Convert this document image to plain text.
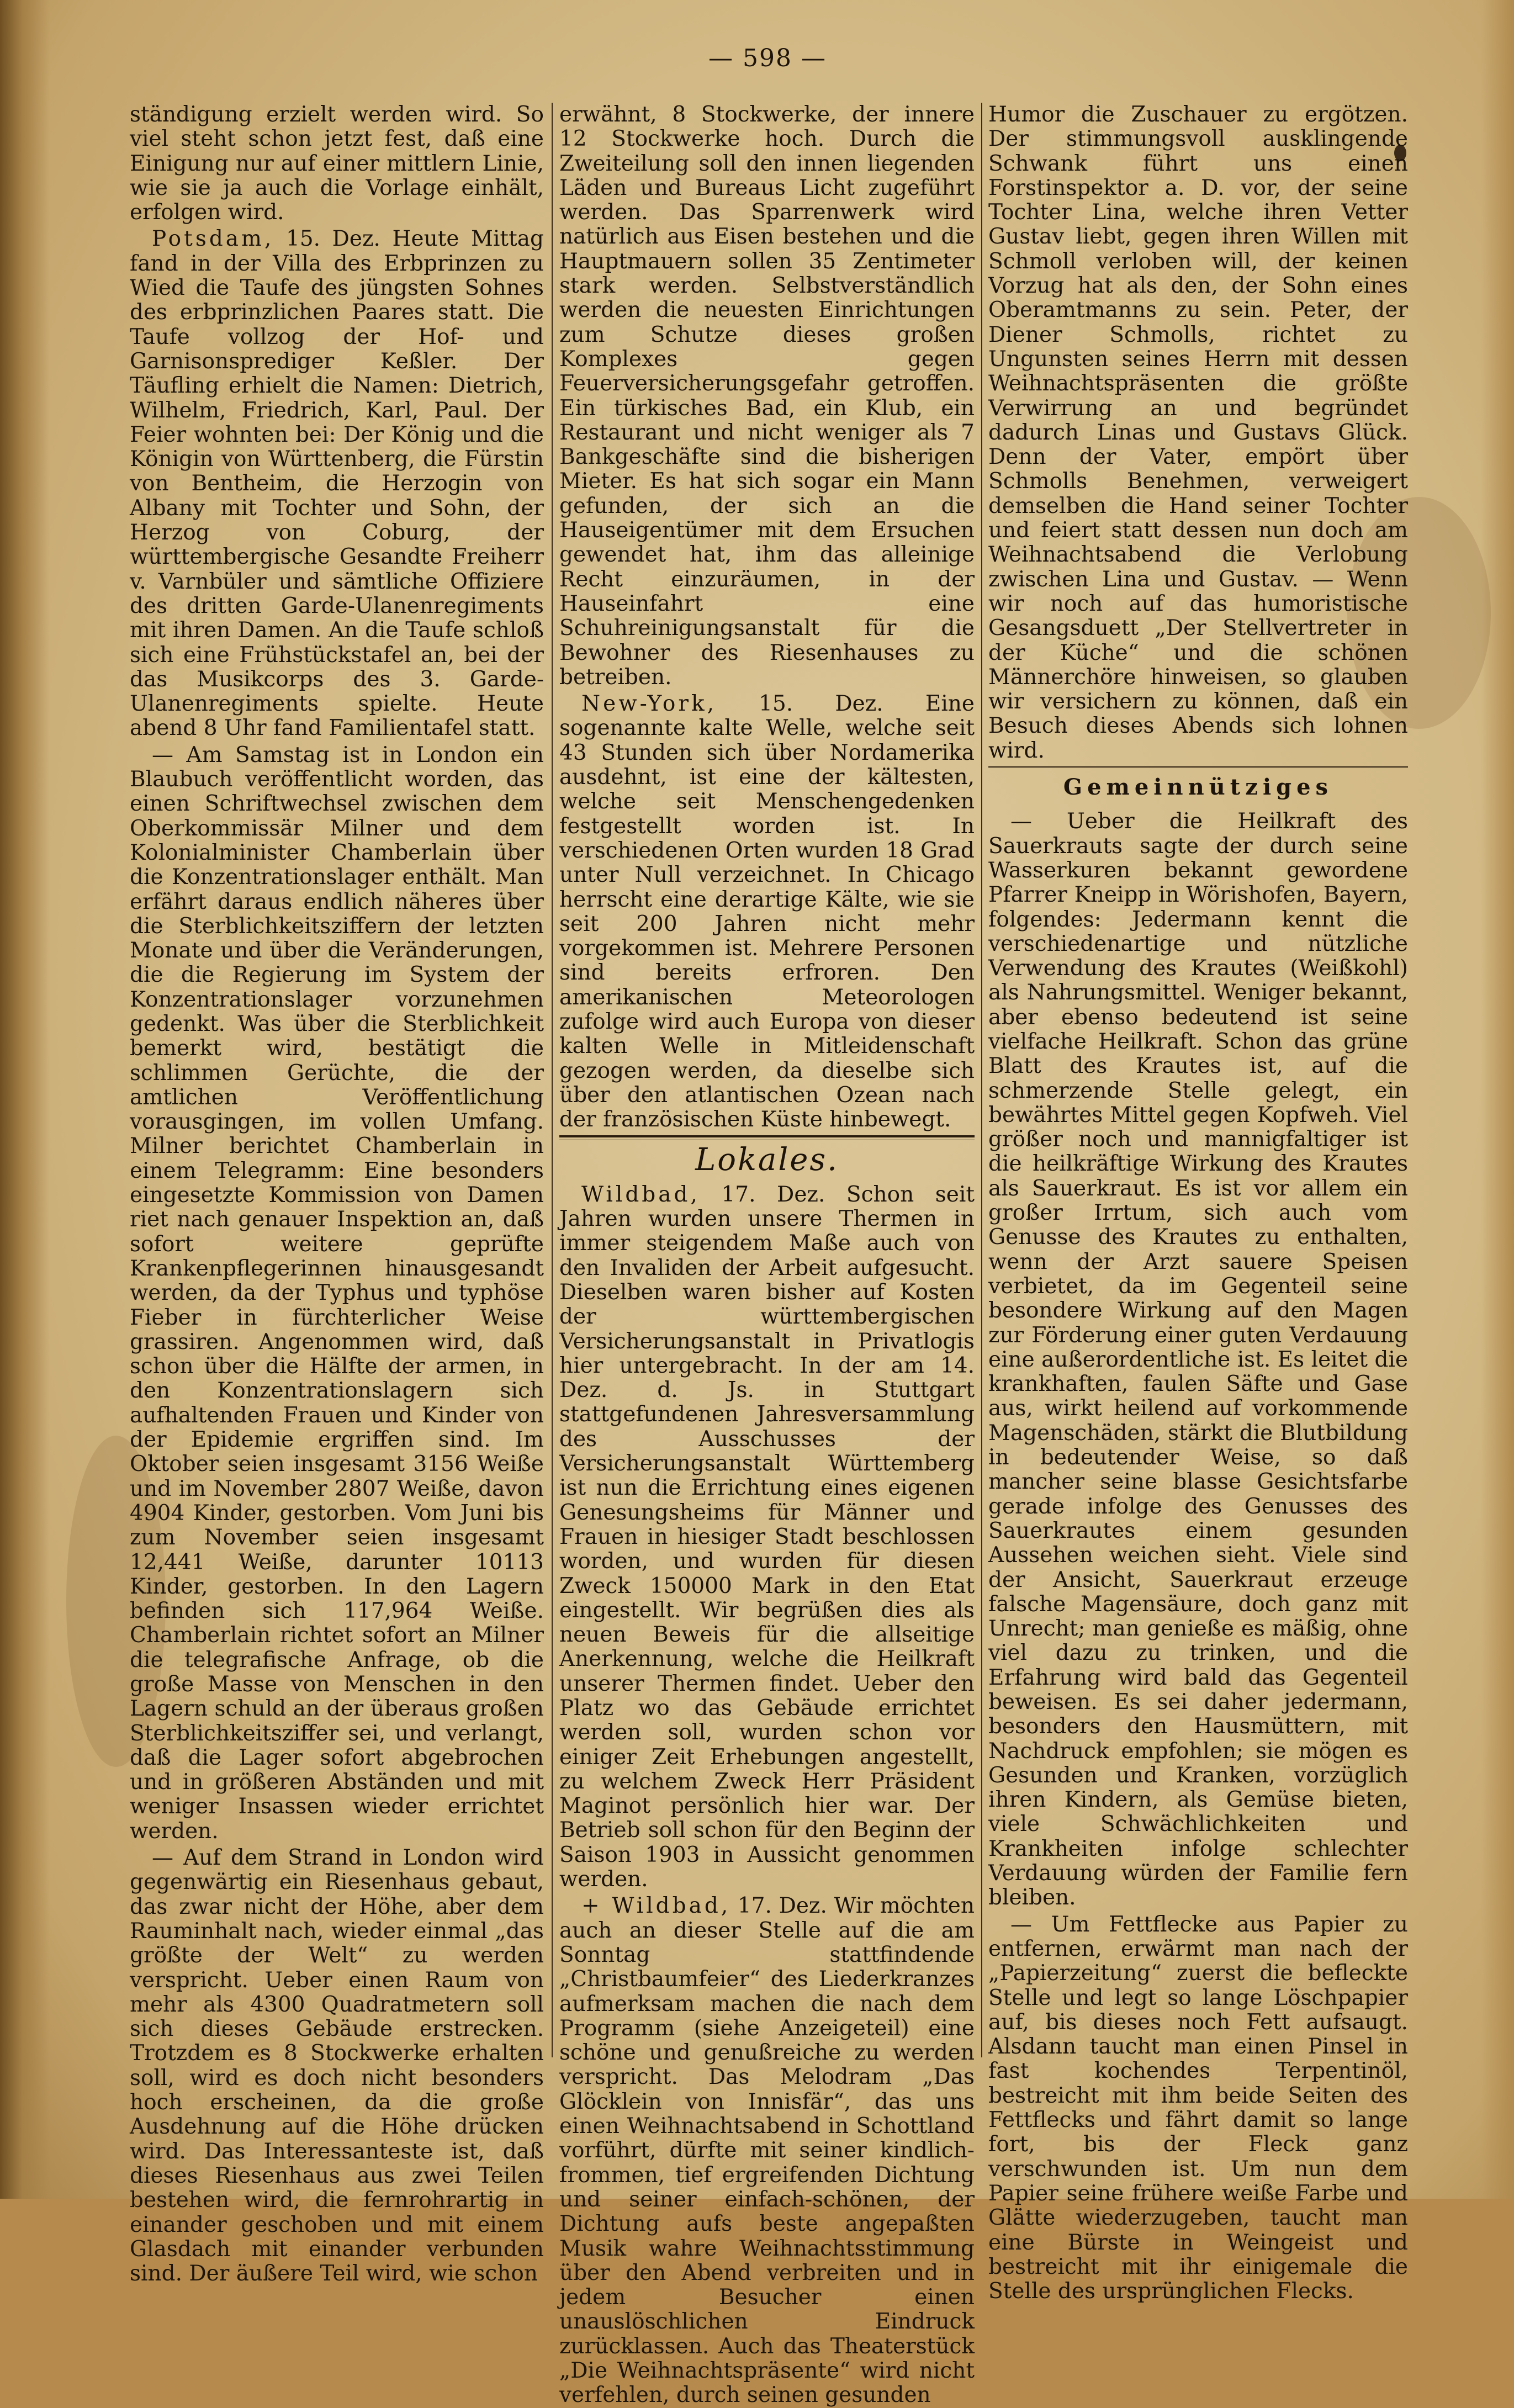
— 598 —

ständigung erzielt werden wird. So viel steht schon jetzt fest, daß eine Einigung nur auf einer mittlern Linie, wie sie ja auch die Vorlage einhält, erfolgen wird.

Potsdam, 15. Dez. Heute Mittag fand in der Villa des Erbprinzen zu Wied die Taufe des jüngsten Sohnes des erbprinzlichen Paares statt. Die Taufe vollzog der Hof- und Garnisonsprediger Keßler. Der Täufling erhielt die Namen: Dietrich, Wilhelm, Friedrich, Karl, Paul. Der Feier wohnten bei: Der König und die Königin von Württenberg, die Fürstin von Bentheim, die Herzogin von Albany mit Tochter und Sohn, der Herzog von Coburg, der württembergische Gesandte Freiherr v. Varnbüler und sämtliche Offiziere des dritten Garde-Ulanenregiments mit ihren Damen. An die Taufe schloß sich eine Frühstückstafel an, bei der das Musikcorps des 3. Garde-Ulanenregiments spielte. Heute abend 8 Uhr fand Familientafel statt.

— Am Samstag ist in London ein Blaubuch veröffentlicht worden, das einen Schriftwechsel zwischen dem Oberkommissär Milner und dem Kolonialminister Chamberlain über die Konzentrationslager enthält. Man erfährt daraus endlich näheres über die Sterblichkeitsziffern der letzten Monate und über die Veränderungen, die die Regierung im System der Konzentrationslager vorzunehmen gedenkt. Was über die Sterblichkeit bemerkt wird, bestätigt die schlimmen Gerüchte, die der amtlichen Veröffentlichung vorausgingen, im vollen Umfang. Milner berichtet Chamberlain in einem Telegramm: Eine besonders eingesetzte Kommission von Damen riet nach genauer Inspektion an, daß sofort weitere geprüfte Krankenpflegerinnen hinausgesandt werden, da der Typhus und typhöse Fieber in fürchterlicher Weise grassiren. Angenommen wird, daß schon über die Hälfte der armen, in den Konzentrationslagern sich aufhaltenden Frauen und Kinder von der Epidemie ergriffen sind. Im Oktober seien insgesamt 3156 Weiße und im November 2807 Weiße, davon 4904 Kinder, gestorben. Vom Juni bis zum November seien insgesamt 12,441 Weiße, darunter 10113 Kinder, gestorben. In den Lagern befinden sich 117,964 Weiße. Chamberlain richtet sofort an Milner die telegrafische Anfrage, ob die große Masse von Menschen in den Lagern schuld an der überaus großen Sterblichkeitsziffer sei, und verlangt, daß die Lager sofort abgebrochen und in größeren Abständen und mit weniger Insassen wieder errichtet werden.

— Auf dem Strand in London wird gegenwärtig ein Riesenhaus gebaut, das zwar nicht der Höhe, aber dem Rauminhalt nach, wieder einmal „das größte der Welt“ zu werden verspricht. Ueber einen Raum von mehr als 4300 Quadratmetern soll sich dieses Gebäude erstrecken. Trotzdem es 8 Stockwerke erhalten soll, wird es doch nicht besonders hoch erscheinen, da die große Ausdehnung auf die Höhe drücken wird. Das Interessanteste ist, daß dieses Riesenhaus aus zwei Teilen bestehen wird, die fernrohrartig in einander geschoben und mit einem Glasdach mit einander verbunden sind. Der äußere Teil wird, wie schon

erwähnt, 8 Stockwerke, der innere 12 Stockwerke hoch. Durch die Zweiteilung soll den innen liegenden Läden und Bureaus Licht zugeführt werden. Das Sparrenwerk wird natürlich aus Eisen bestehen und die Hauptmauern sollen 35 Zentimeter stark werden. Selbstverständlich werden die neuesten Einrichtungen zum Schutze dieses großen Komplexes gegen Feuerversicherungsgefahr getroffen. Ein türkisches Bad, ein Klub, ein Restaurant und nicht weniger als 7 Bankgeschäfte sind die bisherigen Mieter. Es hat sich sogar ein Mann gefunden, der sich an die Hauseigentümer mit dem Ersuchen gewendet hat, ihm das alleinige Recht einzuräumen, in der Hauseinfahrt eine Schuhreinigungsanstalt für die Bewohner des Riesenhauses zu betreiben.

New-York, 15. Dez. Eine sogenannte kalte Welle, welche seit 43 Stunden sich über Nordamerika ausdehnt, ist eine der kältesten, welche seit Menschengedenken festgestellt worden ist. In verschiedenen Orten wurden 18 Grad unter Null verzeichnet. In Chicago herrscht eine derartige Kälte, wie sie seit 200 Jahren nicht mehr vorgekommen ist. Mehrere Personen sind bereits erfroren. Den amerikanischen Meteorologen zufolge wird auch Europa von dieser kalten Welle in Mitleidenschaft gezogen werden, da dieselbe sich über den atlantischen Ozean nach der französischen Küste hinbewegt.

Lokales.

Wildbad, 17. Dez. Schon seit Jahren wurden unsere Thermen in immer steigendem Maße auch von den Invaliden der Arbeit aufgesucht. Dieselben waren bisher auf Kosten der württembergischen Versicherungsanstalt in Privatlogis hier untergebracht. In der am 14. Dez. d. Js. in Stuttgart stattgefundenen Jahresversammlung des Ausschusses der Versicherungsanstalt Württemberg ist nun die Errichtung eines eigenen Genesungsheims für Männer und Frauen in hiesiger Stadt beschlossen worden, und wurden für diesen Zweck 150000 Mark in den Etat eingestellt. Wir begrüßen dies als neuen Beweis für die allseitige Anerkennung, welche die Heilkraft unserer Thermen findet. Ueber den Platz wo das Gebäude errichtet werden soll, wurden schon vor einiger Zeit Erhebungen angestellt, zu welchem Zweck Herr Präsident Maginot persönlich hier war. Der Betrieb soll schon für den Beginn der Saison 1903 in Aussicht genommen werden.

+ Wildbad, 17. Dez. Wir möchten auch an dieser Stelle auf die am Sonntag stattfindende „Christbaumfeier“ des Liederkranzes aufmerksam machen die nach dem Programm (siehe Anzeigeteil) eine schöne und genußreiche zu werden verspricht. Das Melodram „Das Glöcklein von Innisfär“, das uns einen Weihnachtsabend in Schottland vorführt, dürfte mit seiner kindlich-frommen, tief ergreifenden Dichtung und seiner einfach-schönen, der Dichtung aufs beste angepaßten Musik wahre Weihnachtsstimmung über den Abend verbreiten und in jedem Besucher einen unauslöschlichen Eindruck zurücklassen. Auch das Theaterstück „Die Weihnachtspräsente“ wird nicht verfehlen, durch seinen gesunden

Humor die Zuschauer zu ergötzen. Der stimmungsvoll ausklingende Schwank führt uns einen Forstinspektor a. D. vor, der seine Tochter Lina, welche ihren Vetter Gustav liebt, gegen ihren Willen mit Schmoll verloben will, der keinen Vorzug hat als den, der Sohn eines Oberamtmanns zu sein. Peter, der Diener Schmolls, richtet zu Ungunsten seines Herrn mit dessen Weihnachtspräsenten die größte Verwirrung an und begründet dadurch Linas und Gustavs Glück. Denn der Vater, empört über Schmolls Benehmen, verweigert demselben die Hand seiner Tochter und feiert statt dessen nun doch am Weihnachtsabend die Verlobung zwischen Lina und Gustav. — Wenn wir noch auf das humoristische Gesangsduett „Der Stellvertreter in der Küche“ und die schönen Männerchöre hinweisen, so glauben wir versichern zu können, daß ein Besuch dieses Abends sich lohnen wird.

Gemeinnütziges

— Ueber die Heilkraft des Sauerkrauts sagte der durch seine Wasserkuren bekannt gewordene Pfarrer Kneipp in Wörishofen, Bayern, folgendes: Jedermann kennt die verschiedenartige und nützliche Verwendung des Krautes (Weißkohl) als Nahrungsmittel. Weniger bekannt, aber ebenso bedeutend ist seine vielfache Heilkraft. Schon das grüne Blatt des Krautes ist, auf die schmerzende Stelle gelegt, ein bewährtes Mittel gegen Kopfweh. Viel größer noch und mannigfaltiger ist die heilkräftige Wirkung des Krautes als Sauerkraut. Es ist vor allem ein großer Irrtum, sich auch vom Genusse des Krautes zu enthalten, wenn der Arzt sauere Speisen verbietet, da im Gegenteil seine besondere Wirkung auf den Magen zur Förderung einer guten Verdauung eine außerordentliche ist. Es leitet die krankhaften, faulen Säfte und Gase aus, wirkt heilend auf vorkommende Magenschäden, stärkt die Blutbildung in bedeutender Weise, so daß mancher seine blasse Gesichtsfarbe gerade infolge des Genusses des Sauerkrautes einem gesunden Aussehen weichen sieht. Viele sind der Ansicht, Sauerkraut erzeuge falsche Magensäure, doch ganz mit Unrecht; man genieße es mäßig, ohne viel dazu zu trinken, und die Erfahrung wird bald das Gegenteil beweisen. Es sei daher jedermann, besonders den Hausmüttern, mit Nachdruck empfohlen; sie mögen es Gesunden und Kranken, vorzüglich ihren Kindern, als Gemüse bieten, viele Schwächlichkeiten und Krankheiten infolge schlechter Verdauung würden der Familie fern bleiben.

— Um Fettflecke aus Papier zu entfernen, erwärmt man nach der „Papierzeitung“ zuerst die befleckte Stelle und legt so lange Löschpapier auf, bis dieses noch Fett aufsaugt. Alsdann taucht man einen Pinsel in fast kochendes Terpentinöl, bestreicht mit ihm beide Seiten des Fettflecks und fährt damit so lange fort, bis der Fleck ganz verschwunden ist. Um nun dem Papier seine frühere weiße Farbe und Glätte wiederzugeben, taucht man eine Bürste in Weingeist und bestreicht mit ihr einigemale die Stelle des ursprünglichen Flecks.
